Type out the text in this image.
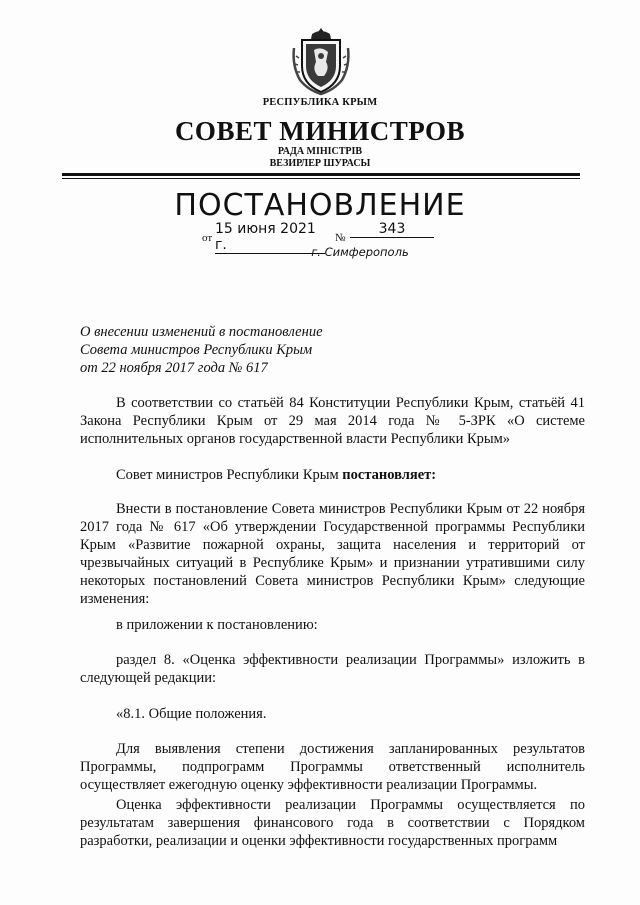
РЕСПУБЛИКА КРЫМ
СОВЕТ МИНИСТРОВ
РАДА МІНІСТРІВ
ВЕЗИРЛЕР ШУРАСЫ
ПОСТАНОВЛЕНИЕ
от
15 июня 2021 г.	№
343
г. Симферополь
О внесении изменений в постановление
Совета министров Республики Крым
от 22 ноября 2017 года № 617
В соответствии со статьёй 84 Конституции Республики Крым, статьёй 41 Закона Республики Крым от 29 мая 2014 года № 5-ЗРК «О системе исполнительных органов государственной власти Республики Крым»
Совет министров Республики Крым постановляет:
Внести в постановление Совета министров Республики Крым от 22 ноября 2017 года № 617 «Об утверждении Государственной программы Республики Крым «Развитие пожарной охраны, защита населения и территорий от чрезвычайных ситуаций в Республике Крым» и признании утратившими силу некоторых постановлений Совета министров Республики Крым» следующие изменения:
в приложении к постановлению:
раздел 8. «Оценка эффективности реализации Программы» изложить в следующей редакции:
«8.1. Общие положения.
Для выявления степени достижения запланированных результатов Программы, подпрограмм Программы ответственный исполнитель осуществляет ежегодную оценку эффективности реализации Программы.
Оценка эффективности реализации Программы осуществляется по результатам завершения финансового года в соответствии с Порядком разработки, реализации и оценки эффективности государственных программ
